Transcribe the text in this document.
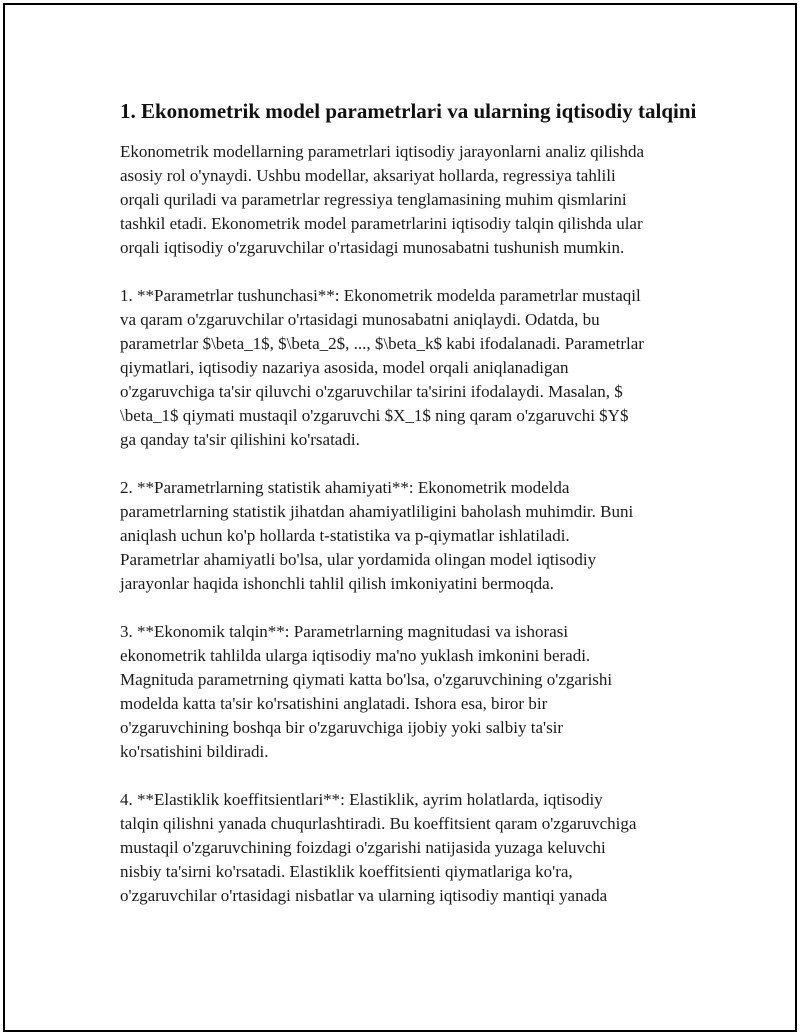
1. Ekonometrik model parametrlari va ularning iqtisodiy talqini

Ekonometrik modellarning parametrlari iqtisodiy jarayonlarni analiz qilishda
asosiy rol o'ynaydi. Ushbu modellar, aksariyat hollarda, regressiya tahlili
orqali quriladi va parametrlar regressiya tenglamasining muhim qismlarini
tashkil etadi. Ekonometrik model parametrlarini iqtisodiy talqin qilishda ular
orqali iqtisodiy o'zgaruvchilar o'rtasidagi munosabatni tushunish mumkin.

1. **Parametrlar tushunchasi**: Ekonometrik modelda parametrlar mustaqil
va qaram o'zgaruvchilar o'rtasidagi munosabatni aniqlaydi. Odatda, bu
parametrlar $\beta_1$, $\beta_2$, ..., $\beta_k$ kabi ifodalanadi. Parametrlar
qiymatlari, iqtisodiy nazariya asosida, model orqali aniqlanadigan
o'zgaruvchiga ta'sir qiluvchi o'zgaruvchilar ta'sirini ifodalaydi. Masalan, $
\beta_1$ qiymati mustaqil o'zgaruvchi $X_1$ ning qaram o'zgaruvchi $Y$
ga qanday ta'sir qilishini ko'rsatadi.

2. **Parametrlarning statistik ahamiyati**: Ekonometrik modelda
parametrlarning statistik jihatdan ahamiyatliligini baholash muhimdir. Buni
aniqlash uchun ko'p hollarda t-statistika va p-qiymatlar ishlatiladi.
Parametrlar ahamiyatli bo'lsa, ular yordamida olingan model iqtisodiy
jarayonlar haqida ishonchli tahlil qilish imkoniyatini bermoqda.

3. **Ekonomik talqin**: Parametrlarning magnitudasi va ishorasi
ekonometrik tahlilda ularga iqtisodiy ma'no yuklash imkonini beradi.
Magnituda parametrning qiymati katta bo'lsa, o'zgaruvchining o'zgarishi
modelda katta ta'sir ko'rsatishini anglatadi. Ishora esa, biror bir
o'zgaruvchining boshqa bir o'zgaruvchiga ijobiy yoki salbiy ta'sir
ko'rsatishini bildiradi.

4. **Elastiklik koeffitsientlari**: Elastiklik, ayrim holatlarda, iqtisodiy
talqin qilishni yanada chuqurlashtiradi. Bu koeffitsient qaram o'zgaruvchiga
mustaqil o'zgaruvchining foizdagi o'zgarishi natijasida yuzaga keluvchi
nisbiy ta'sirni ko'rsatadi. Elastiklik koeffitsienti qiymatlariga ko'ra,
o'zgaruvchilar o'rtasidagi nisbatlar va ularning iqtisodiy mantiqi yanada
